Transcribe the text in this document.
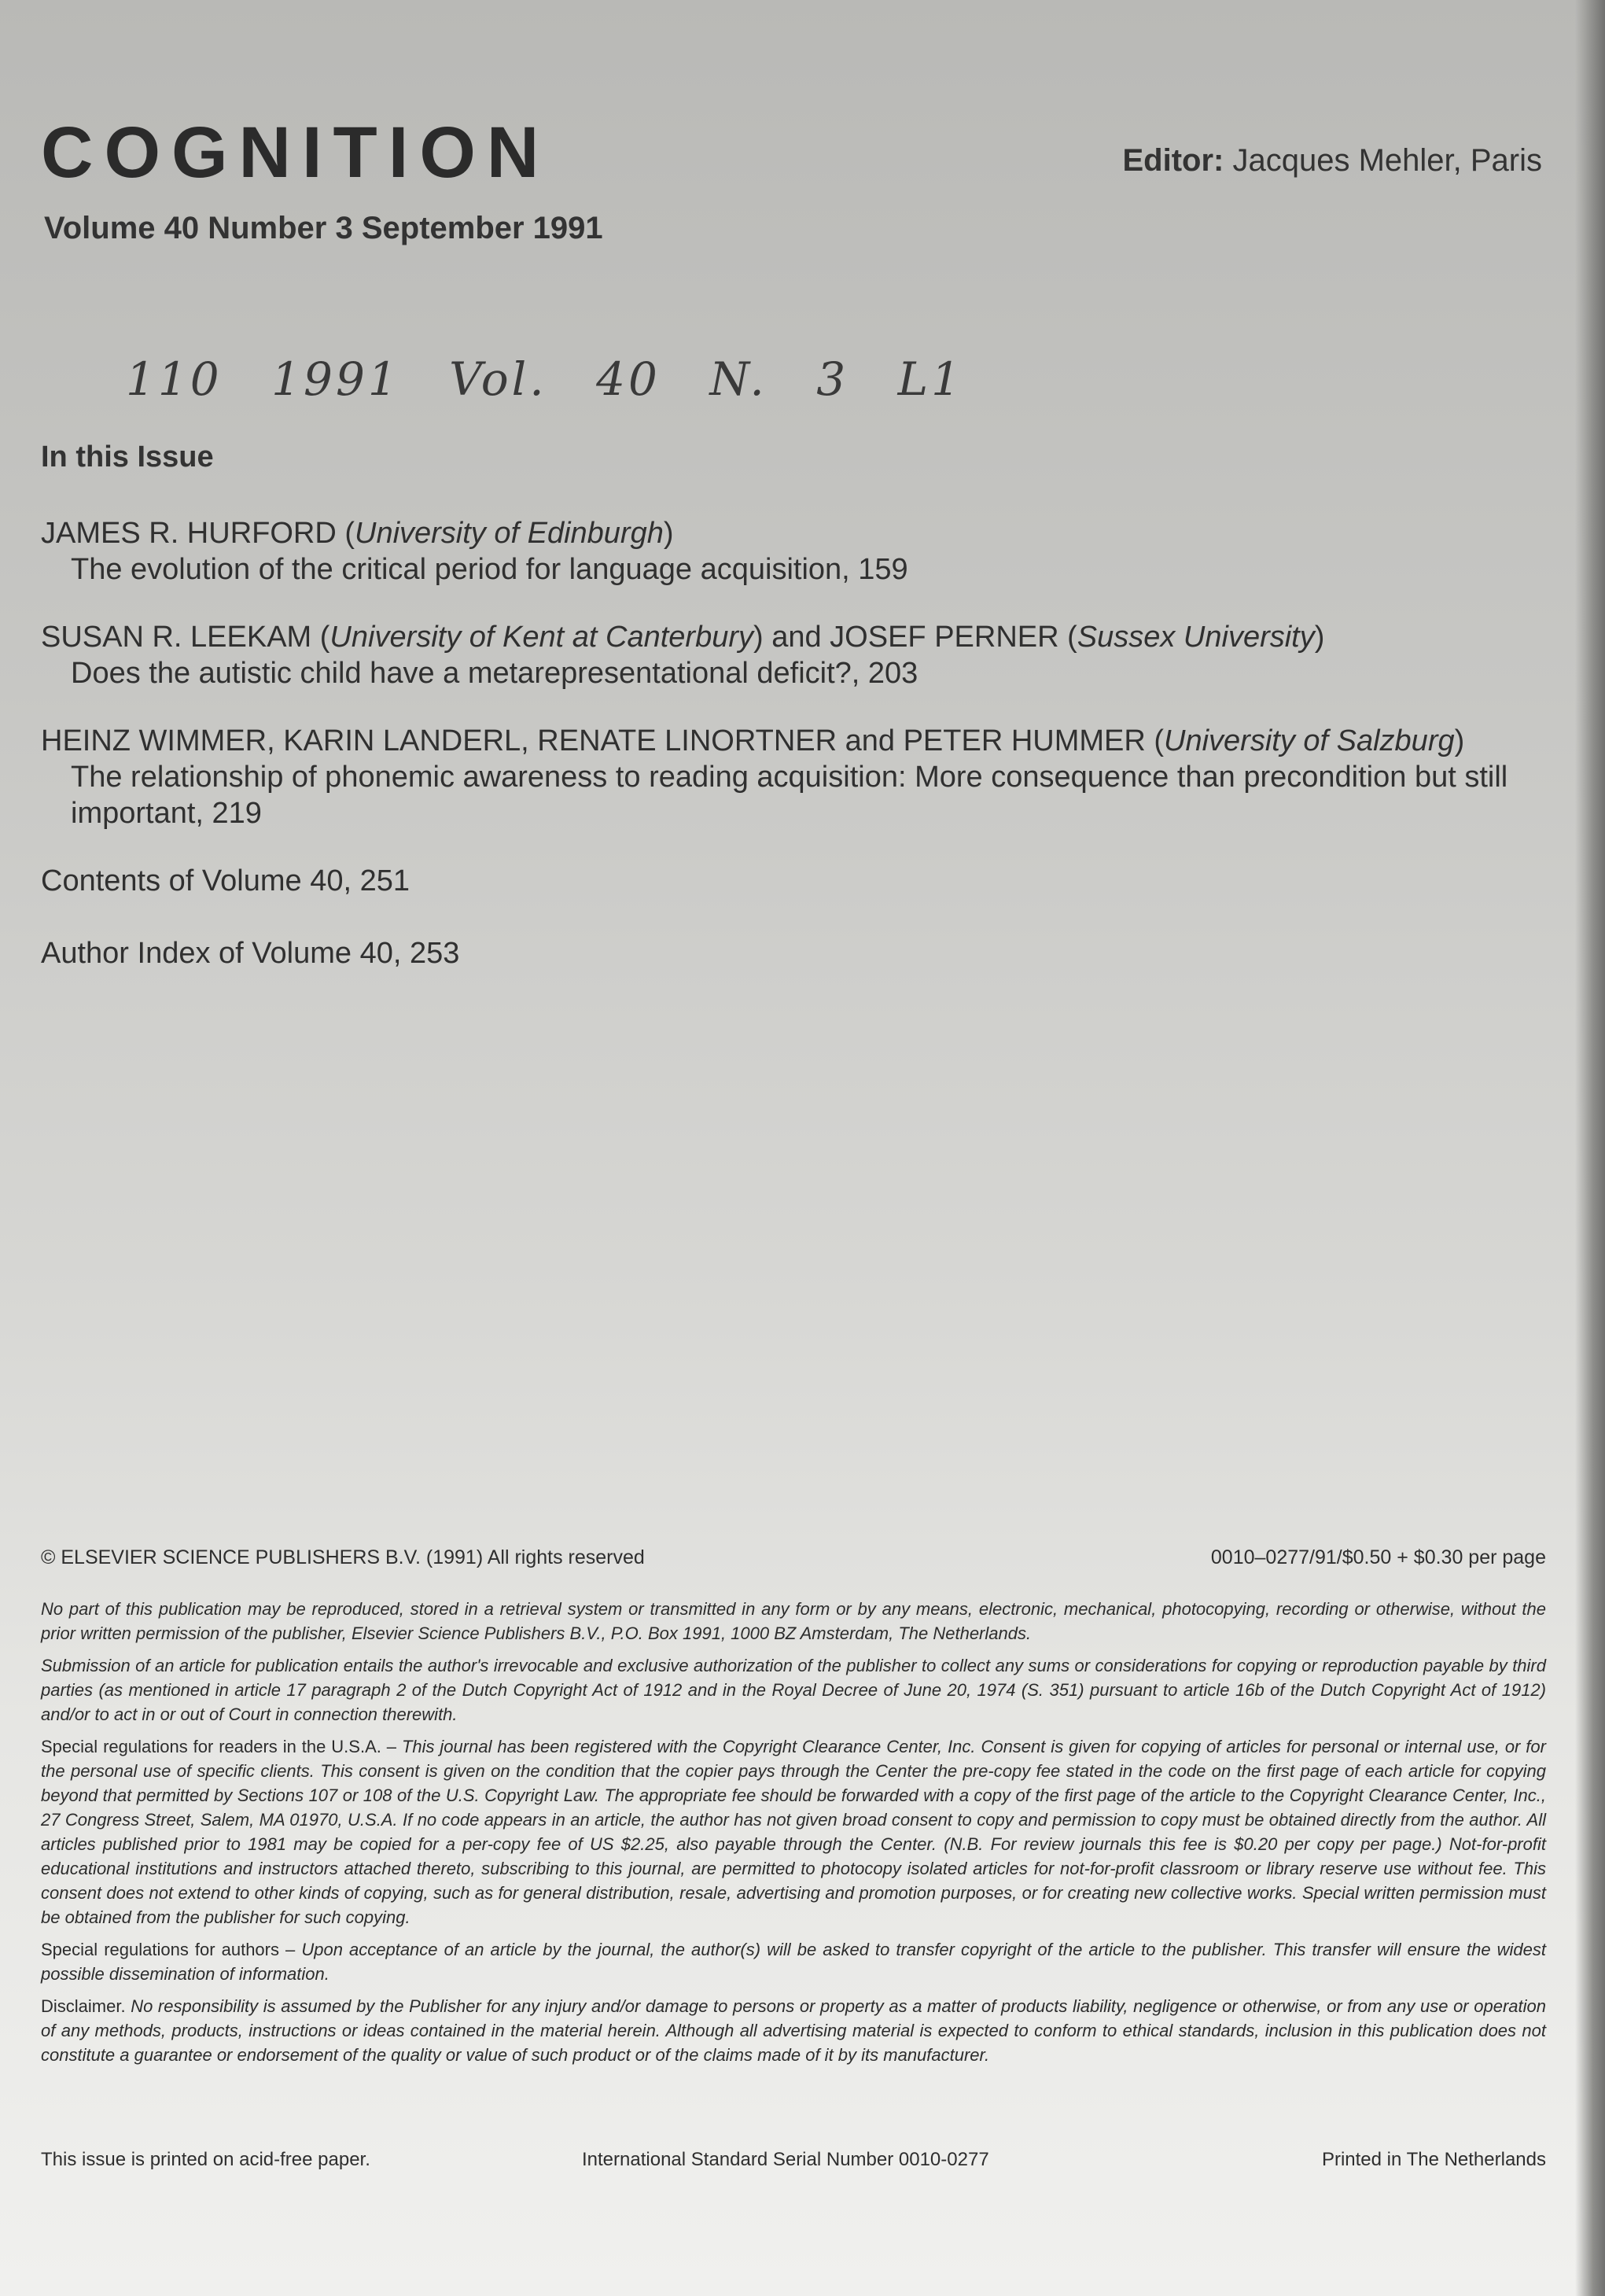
COGNITION	Editor: Jacques Mehler, Paris
Volume 40 Number 3 September 1991
110 1991 Vol. 40 N. 3 L1
In this Issue
JAMES R. HURFORD (University of Edinburgh)
The evolution of the critical period for language acquisition, 159
SUSAN R. LEEKAM (University of Kent at Canterbury) and JOSEF PERNER (Sussex University)
Does the autistic child have a metarepresentational deficit?, 203
HEINZ WIMMER, KARIN LANDERL, RENATE LINORTNER and PETER HUMMER (University of Salzburg)
The relationship of phonemic awareness to reading acquisition: More consequence than precondition but still important, 219
Contents of Volume 40, 251
Author Index of Volume 40, 253
© ELSEVIER SCIENCE PUBLISHERS B.V. (1991) All rights reserved	0010–0277/91/$0.50 + $0.30 per page

No part of this publication may be reproduced, stored in a retrieval system or transmitted in any form or by any means, electronic, mechanical, photocopying, recording or otherwise, without the prior written permission of the publisher, Elsevier Science Publishers B.V., P.O. Box 1991, 1000 BZ Amsterdam, The Netherlands.

Submission of an article for publication entails the author's irrevocable and exclusive authorization of the publisher to collect any sums or considerations for copying or reproduction payable by third parties (as mentioned in article 17 paragraph 2 of the Dutch Copyright Act of 1912 and in the Royal Decree of June 20, 1974 (S. 351) pursuant to article 16b of the Dutch Copyright Act of 1912) and/or to act in or out of Court in connection therewith.

Special regulations for readers in the U.S.A. – This journal has been registered with the Copyright Clearance Center, Inc. Consent is given for copying of articles for personal or internal use, or for the personal use of specific clients. This consent is given on the condition that the copier pays through the Center the pre-copy fee stated in the code on the first page of each article for copying beyond that permitted by Sections 107 or 108 of the U.S. Copyright Law. The appropriate fee should be forwarded with a copy of the first page of the article to the Copyright Clearance Center, Inc., 27 Congress Street, Salem, MA 01970, U.S.A. If no code appears in an article, the author has not given broad consent to copy and permission to copy must be obtained directly from the author. All articles published prior to 1981 may be copied for a per-copy fee of US $2.25, also payable through the Center. (N.B. For review journals this fee is $0.20 per copy per page.) Not-for-profit educational institutions and instructors attached thereto, subscribing to this journal, are permitted to photocopy isolated articles for not-for-profit classroom or library reserve use without fee. This consent does not extend to other kinds of copying, such as for general distribution, resale, advertising and promotion purposes, or for creating new collective works. Special written permission must be obtained from the publisher for such copying.

Special regulations for authors – Upon acceptance of an article by the journal, the author(s) will be asked to transfer copyright of the article to the publisher. This transfer will ensure the widest possible dissemination of information.

Disclaimer. No responsibility is assumed by the Publisher for any injury and/or damage to persons or property as a matter of products liability, negligence or otherwise, or from any use or operation of any methods, products, instructions or ideas contained in the material herein. Although all advertising material is expected to conform to ethical standards, inclusion in this publication does not constitute a guarantee or endorsement of the quality or value of such product or of the claims made of it by its manufacturer.

This issue is printed on acid-free paper.	International Standard Serial Number 0010-0277	Printed in The Netherlands
